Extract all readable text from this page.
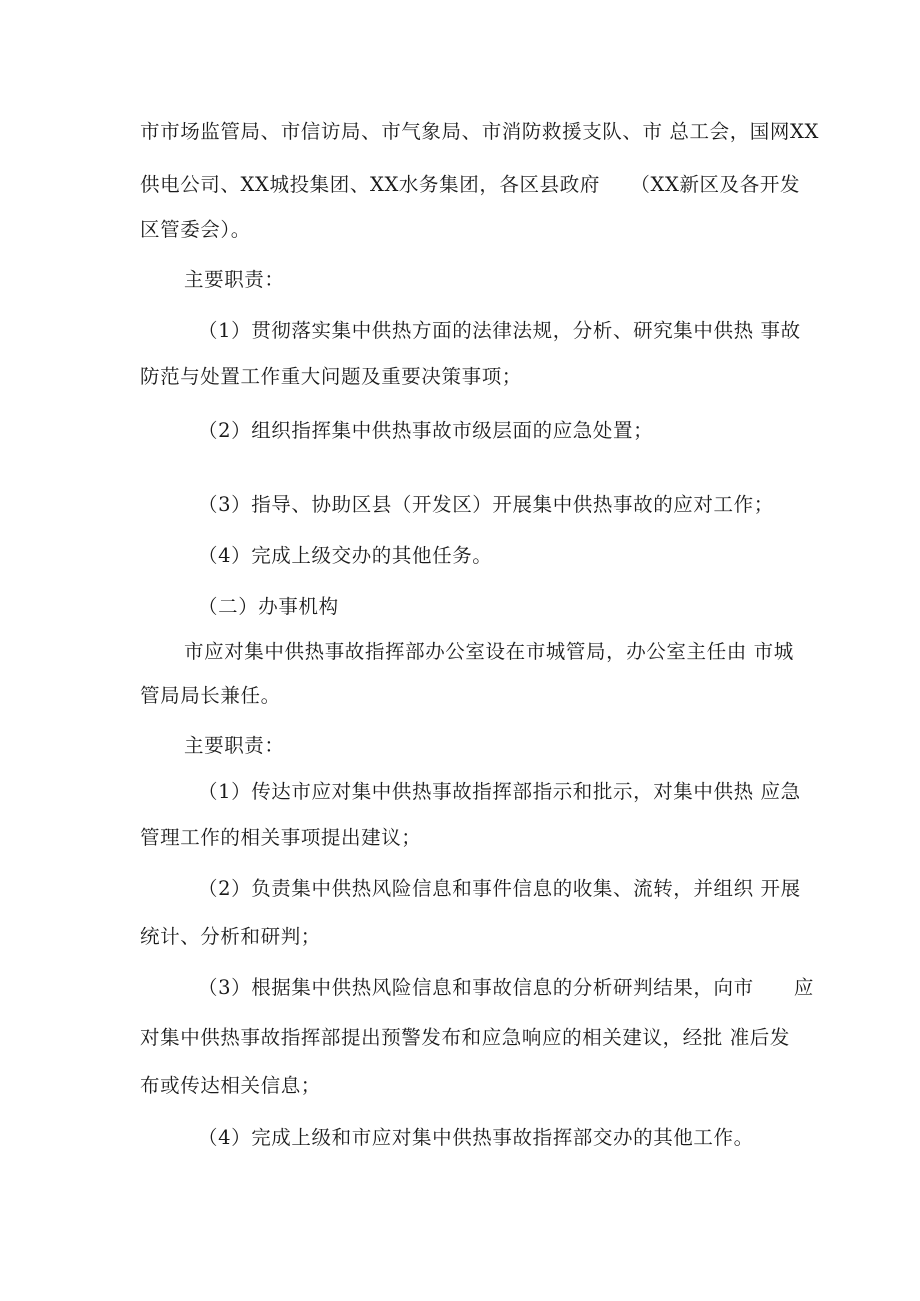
市市场监管局、市信访局、市气象局、市消防救援支队、市 总工会，国网XX
供电公司、XX城投集团、XX水务集团，各区县政府　　（XX新区及各开发
区管委会）。
主要职责：
（1）贯彻落实集中供热方面的法律法规，分析、研究集中供热 事故
防范与处置工作重大问题及重要决策事项；
（2）组织指挥集中供热事故市级层面的应急处置；
（3）指导、协助区县（开发区）开展集中供热事故的应对工作；
（4）完成上级交办的其他任务。
（二）办事机构
市应对集中供热事故指挥部办公室设在市城管局，办公室主任由 市城
管局局长兼任。
主要职责：
（1）传达市应对集中供热事故指挥部指示和批示，对集中供热 应急
管理工作的相关事项提出建议；
（2）负责集中供热风险信息和事件信息的收集、流转，并组织 开展
统计、分析和研判；
（3）根据集中供热风险信息和事故信息的分析研判结果，向市　　应
对集中供热事故指挥部提出预警发布和应急响应的相关建议，经批 准后发
布或传达相关信息；
（4）完成上级和市应对集中供热事故指挥部交办的其他工作。
